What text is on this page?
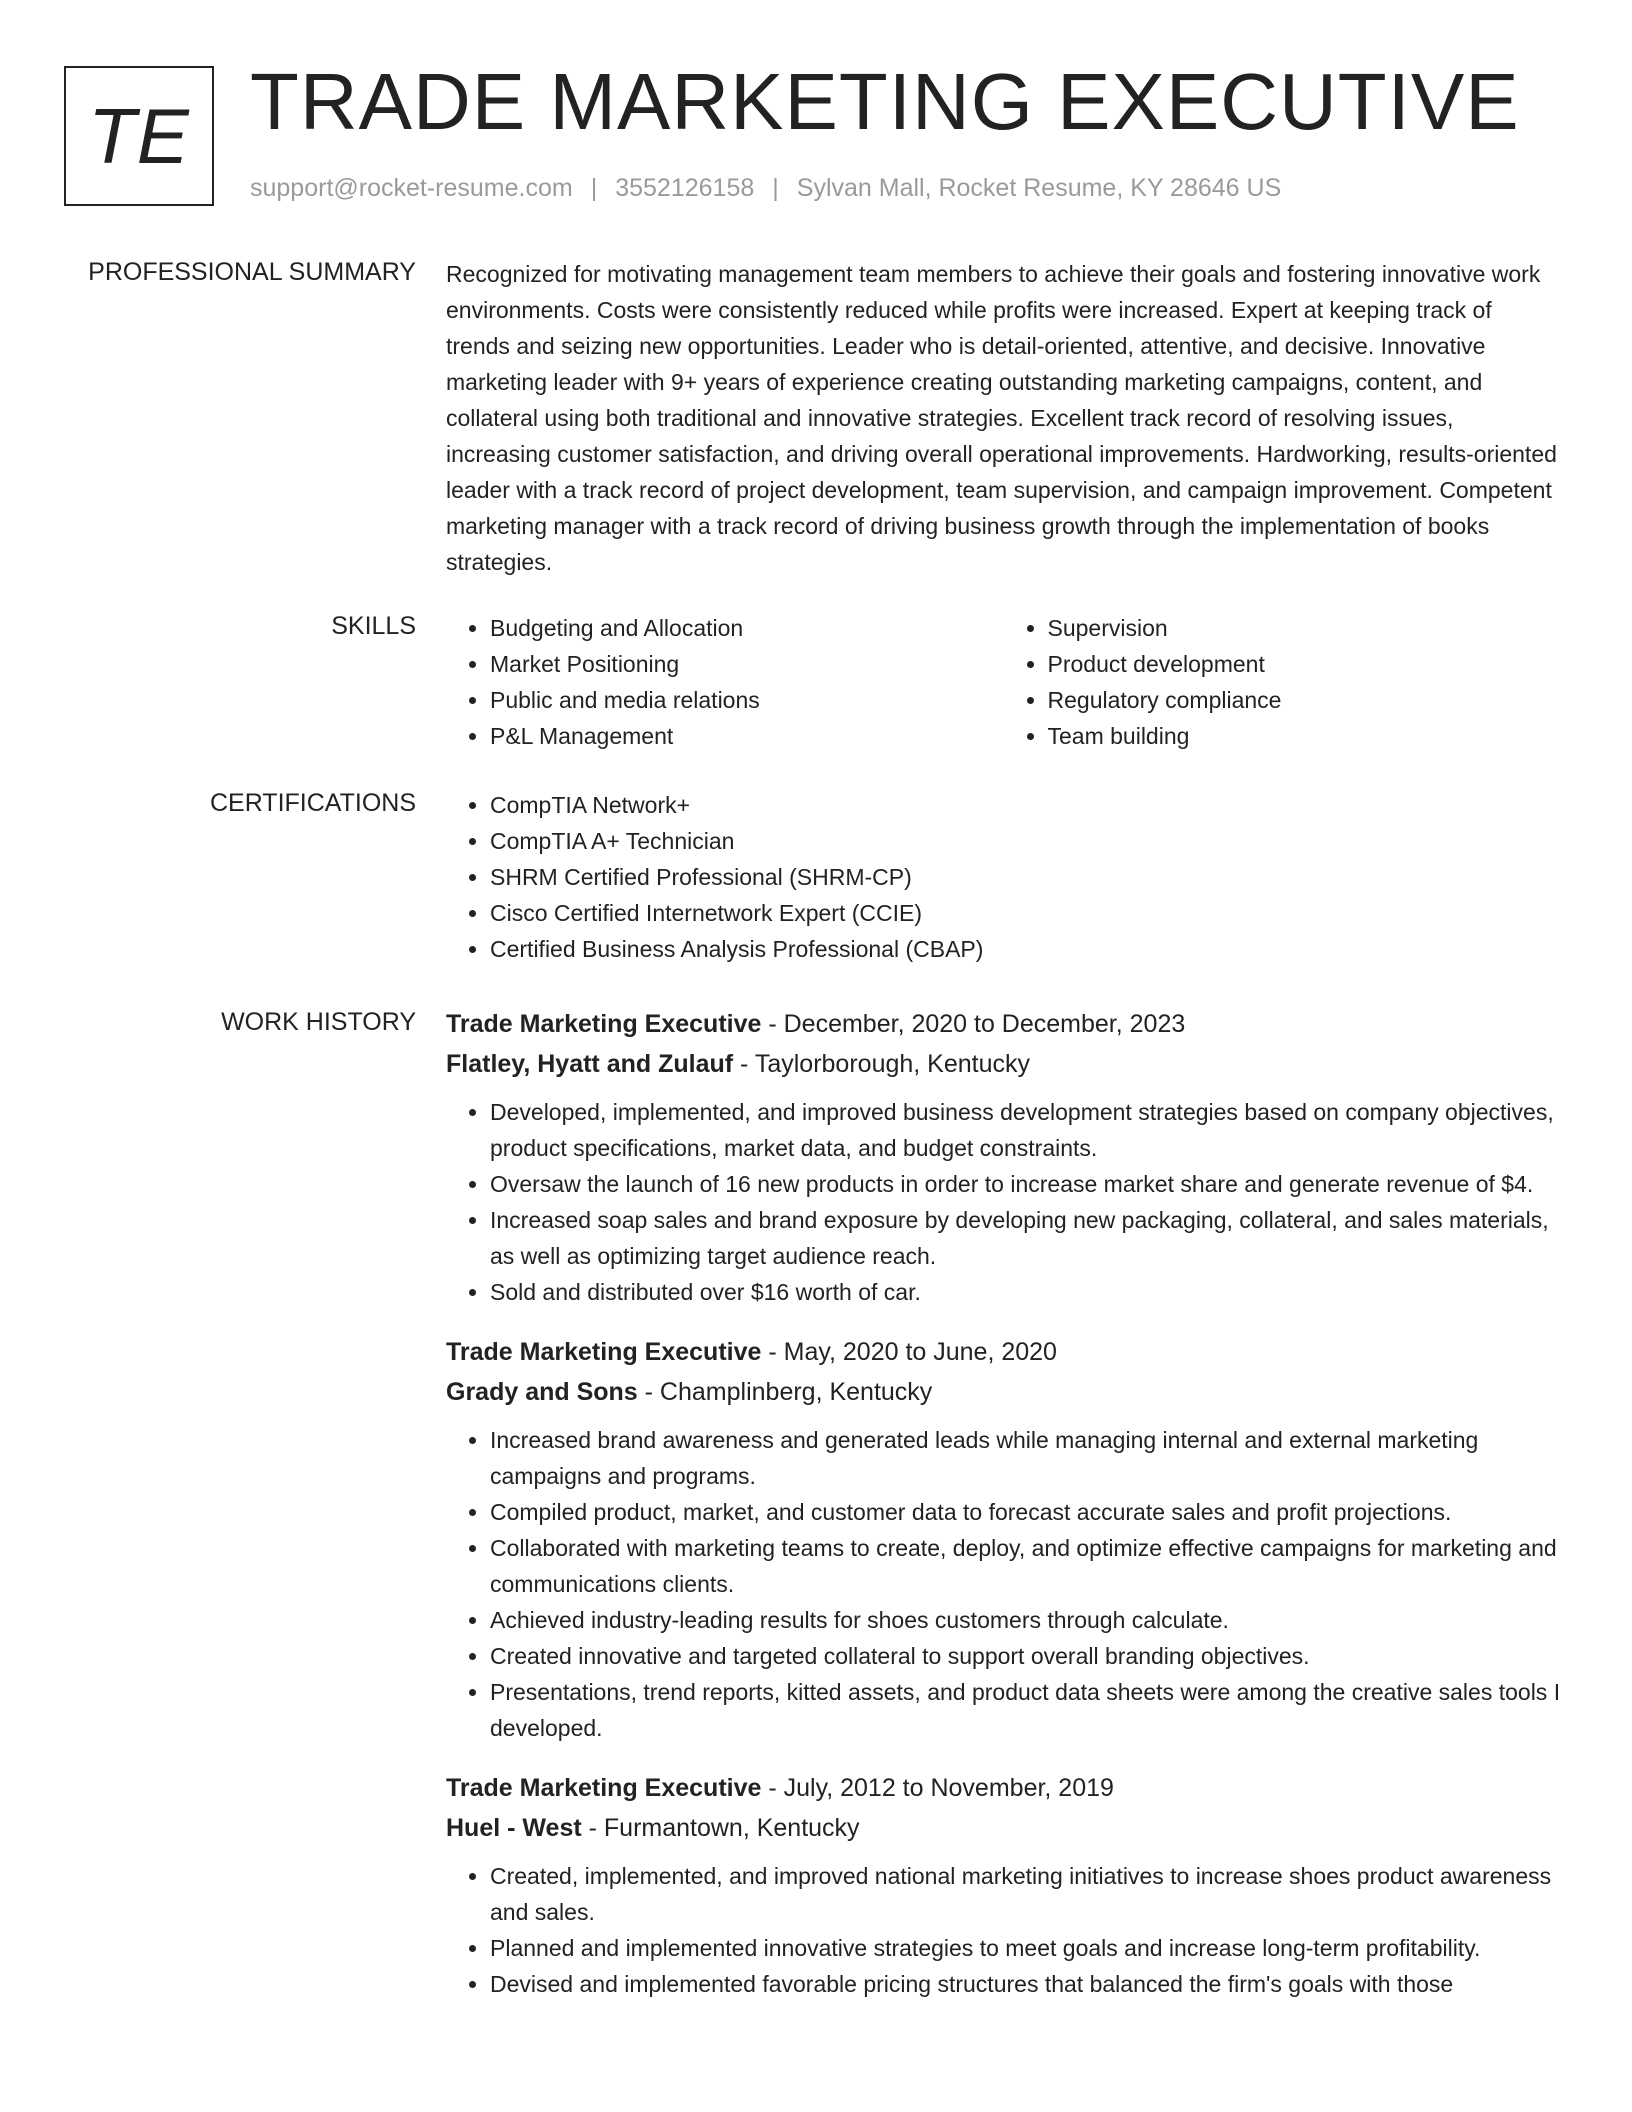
TE TRADE MARKETING EXECUTIVE
support@rocket-resume.com | 3552126158 | Sylvan Mall, Rocket Resume, KY 28646 US
PROFESSIONAL SUMMARY Recognized for motivating management team members to achieve their goals and fostering innovative work environments. Costs were consistently reduced while profits were increased. Expert at keeping track of trends and seizing new opportunities. Leader who is detail-oriented, attentive, and decisive. Innovative marketing leader with 9+ years of experience creating outstanding marketing campaigns, content, and collateral using both traditional and innovative strategies. Excellent track record of resolving issues, increasing customer satisfaction, and driving overall operational improvements. Hardworking, results-oriented leader with a track record of project development, team supervision, and campaign improvement. Competent marketing manager with a track record of driving business growth through the implementation of books strategies.

SKILLS	• Budgeting and Allocation
• Market Positioning
• Public and media relations
• P&L Management
• Supervision
• Product development
• Regulatory compliance
• Team building
CERTIFICATIONS	• CompTIA Network+
• CompTIA A+ Technician
• SHRM Certified Professional (SHRM-CP)
• Cisco Certified Internetwork Expert (CCIE)
• Certified Business Analysis Professional (CBAP)
WORK HISTORY Trade Marketing Executive - December, 2020 to December, 2023
Flatley, Hyatt and Zulauf - Taylorborough, Kentucky
• Developed, implemented, and improved business development strategies based on company objectives, product specifications, market data, and budget constraints.
• Oversaw the launch of 16 new products in order to increase market share and generate revenue of $4.
• Increased soap sales and brand exposure by developing new packaging, collateral, and sales materials, as well as optimizing target audience reach.
• Sold and distributed over $16 worth of car.
Trade Marketing Executive - May, 2020 to June, 2020
Grady and Sons - Champlinberg, Kentucky
• Increased brand awareness and generated leads while managing internal and external marketing campaigns and programs.
• Compiled product, market, and customer data to forecast accurate sales and profit projections.
• Collaborated with marketing teams to create, deploy, and optimize effective campaigns for marketing and communications clients.
• Achieved industry-leading results for shoes customers through calculate.
• Created innovative and targeted collateral to support overall branding objectives.
• Presentations, trend reports, kitted assets, and product data sheets were among the creative sales tools I developed.
Trade Marketing Executive - July, 2012 to November, 2019
Huel - West - Furmantown, Kentucky
• Created, implemented, and improved national marketing initiatives to increase shoes product awareness and sales.
• Planned and implemented innovative strategies to meet goals and increase long-term profitability.
• Devised and implemented favorable pricing structures that balanced the firm's goals with those
